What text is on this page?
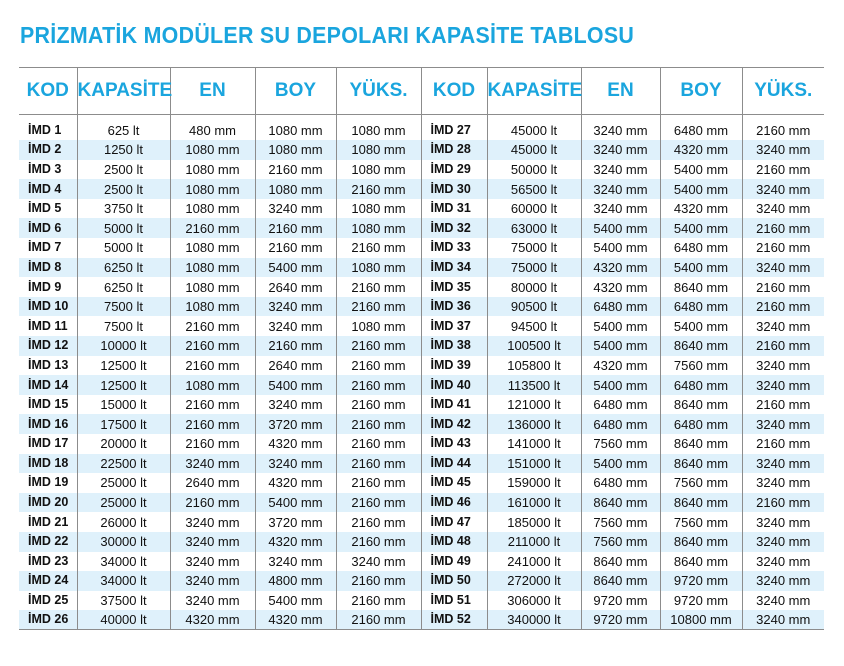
PRİZMATİK MODÜLER SU DEPOLARI KAPASİTE TABLOSU
KOD	KAPASİTE	EN	BOY	YÜKS.	KOD	KAPASİTE	EN	BOY	YÜKS.

İMD 1	625 lt	480 mm	1080 mm	1080 mm	İMD 27	45000 lt	3240 mm	6480 mm	2160 mm
İMD 2	1250 lt	1080 mm	1080 mm	1080 mm	İMD 28	45000 lt	3240 mm	4320 mm	3240 mm
İMD 3	2500 lt	1080 mm	2160 mm	1080 mm	İMD 29	50000 lt	3240 mm	5400 mm	2160 mm
İMD 4	2500 lt	1080 mm	1080 mm	2160 mm	İMD 30	56500 lt	3240 mm	5400 mm	3240 mm
İMD 5	3750 lt	1080 mm	3240 mm	1080 mm	İMD 31	60000 lt	3240 mm	4320 mm	3240 mm
İMD 6	5000 lt	2160 mm	2160 mm	1080 mm	İMD 32	63000 lt	5400 mm	5400 mm	2160 mm
İMD 7	5000 lt	1080 mm	2160 mm	2160 mm	İMD 33	75000 lt	5400 mm	6480 mm	2160 mm
İMD 8	6250 lt	1080 mm	5400 mm	1080 mm	İMD 34	75000 lt	4320 mm	5400 mm	3240 mm
İMD 9	6250 lt	1080 mm	2640 mm	2160 mm	İMD 35	80000 lt	4320 mm	8640 mm	2160 mm
İMD 10	7500 lt	1080 mm	3240 mm	2160 mm	İMD 36	90500 lt	6480 mm	6480 mm	2160 mm
İMD 11	7500 lt	2160 mm	3240 mm	1080 mm	İMD 37	94500 lt	5400 mm	5400 mm	3240 mm
İMD 12	10000 lt	2160 mm	2160 mm	2160 mm	İMD 38	100500 lt	5400 mm	8640 mm	2160 mm
İMD 13	12500 lt	2160 mm	2640 mm	2160 mm	İMD 39	105800 lt	4320 mm	7560 mm	3240 mm
İMD 14	12500 lt	1080 mm	5400 mm	2160 mm	İMD 40	113500 lt	5400 mm	6480 mm	3240 mm
İMD 15	15000 lt	2160 mm	3240 mm	2160 mm	İMD 41	121000 lt	6480 mm	8640 mm	2160 mm
İMD 16	17500 lt	2160 mm	3720 mm	2160 mm	İMD 42	136000 lt	6480 mm	6480 mm	3240 mm
İMD 17	20000 lt	2160 mm	4320 mm	2160 mm	İMD 43	141000 lt	7560 mm	8640 mm	2160 mm
İMD 18	22500 lt	3240 mm	3240 mm	2160 mm	İMD 44	151000 lt	5400 mm	8640 mm	3240 mm
İMD 19	25000 lt	2640 mm	4320 mm	2160 mm	İMD 45	159000 lt	6480 mm	7560 mm	3240 mm
İMD 20	25000 lt	2160 mm	5400 mm	2160 mm	İMD 46	161000 lt	8640 mm	8640 mm	2160 mm
İMD 21	26000 lt	3240 mm	3720 mm	2160 mm	İMD 47	185000 lt	7560 mm	7560 mm	3240 mm
İMD 22	30000 lt	3240 mm	4320 mm	2160 mm	İMD 48	211000 lt	7560 mm	8640 mm	3240 mm
İMD 23	34000 lt	3240 mm	3240 mm	3240 mm	İMD 49	241000 lt	8640 mm	8640 mm	3240 mm
İMD 24	34000 lt	3240 mm	4800 mm	2160 mm	İMD 50	272000 lt	8640 mm	9720 mm	3240 mm
İMD 25	37500 lt	3240 mm	5400 mm	2160 mm	İMD 51	306000 lt	9720 mm	9720 mm	3240 mm
İMD 26	40000 lt	4320 mm	4320 mm	2160 mm	İMD 52	340000 lt	9720 mm	10800 mm	3240 mm
